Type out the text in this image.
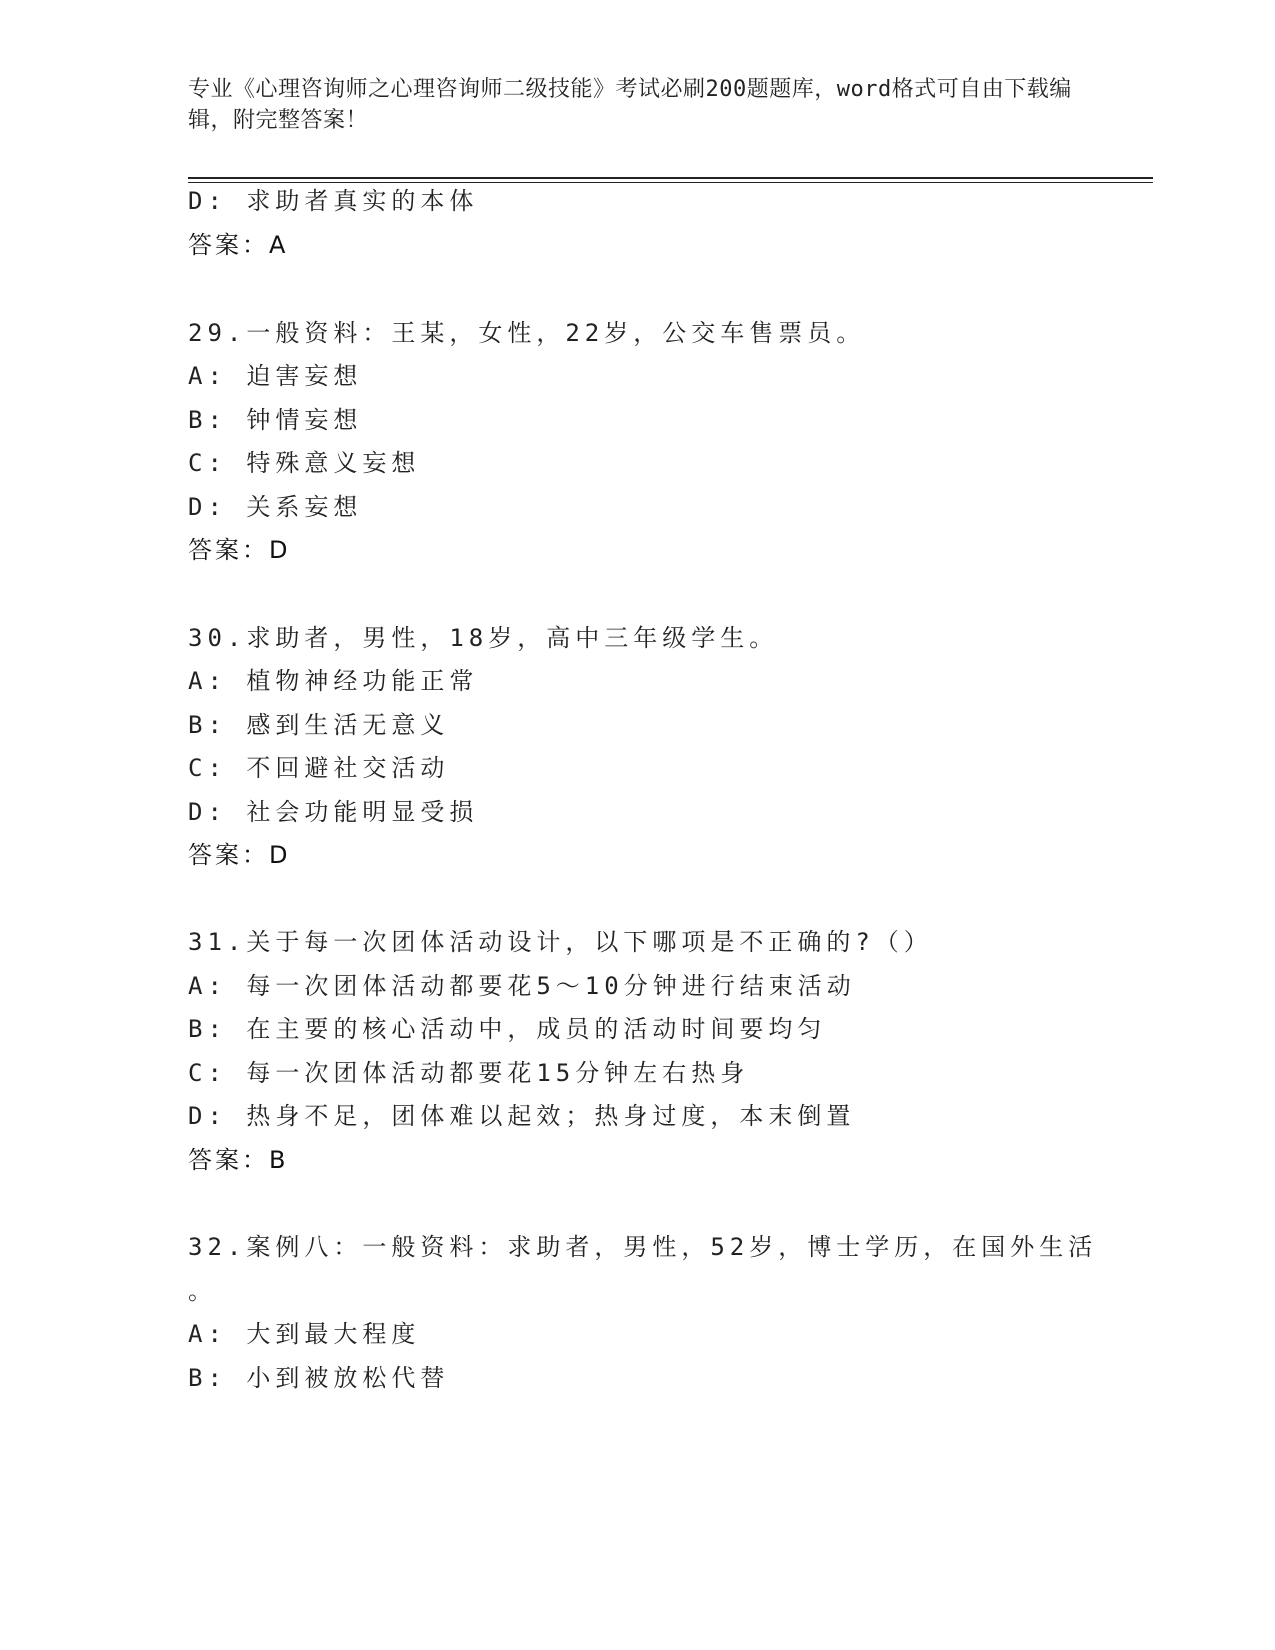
专业《心理咨询师之心理咨询师二级技能》考试必刷200题题库，word格式可自由下载编辑，附完整答案！
D: 求助者真实的本体
答案：A
29.一般资料：王某，女性，22岁，公交车售票员。
A: 迫害妄想
B: 钟情妄想
C: 特殊意义妄想
D: 关系妄想
答案：D
30.求助者，男性，18岁，高中三年级学生。
A: 植物神经功能正常
B: 感到生活无意义
C: 不回避社交活动
D: 社会功能明显受损
答案：D
31.关于每一次团体活动设计，以下哪项是不正确的?（）
A: 每一次团体活动都要花5～10分钟进行结束活动
B: 在主要的核心活动中，成员的活动时间要均匀
C: 每一次团体活动都要花15分钟左右热身
D: 热身不足，团体难以起效；热身过度，本末倒置
答案：B
32.案例八：一般资料：求助者，男性，52岁，博士学历，在国外生活
。
A: 大到最大程度
B: 小到被放松代替
